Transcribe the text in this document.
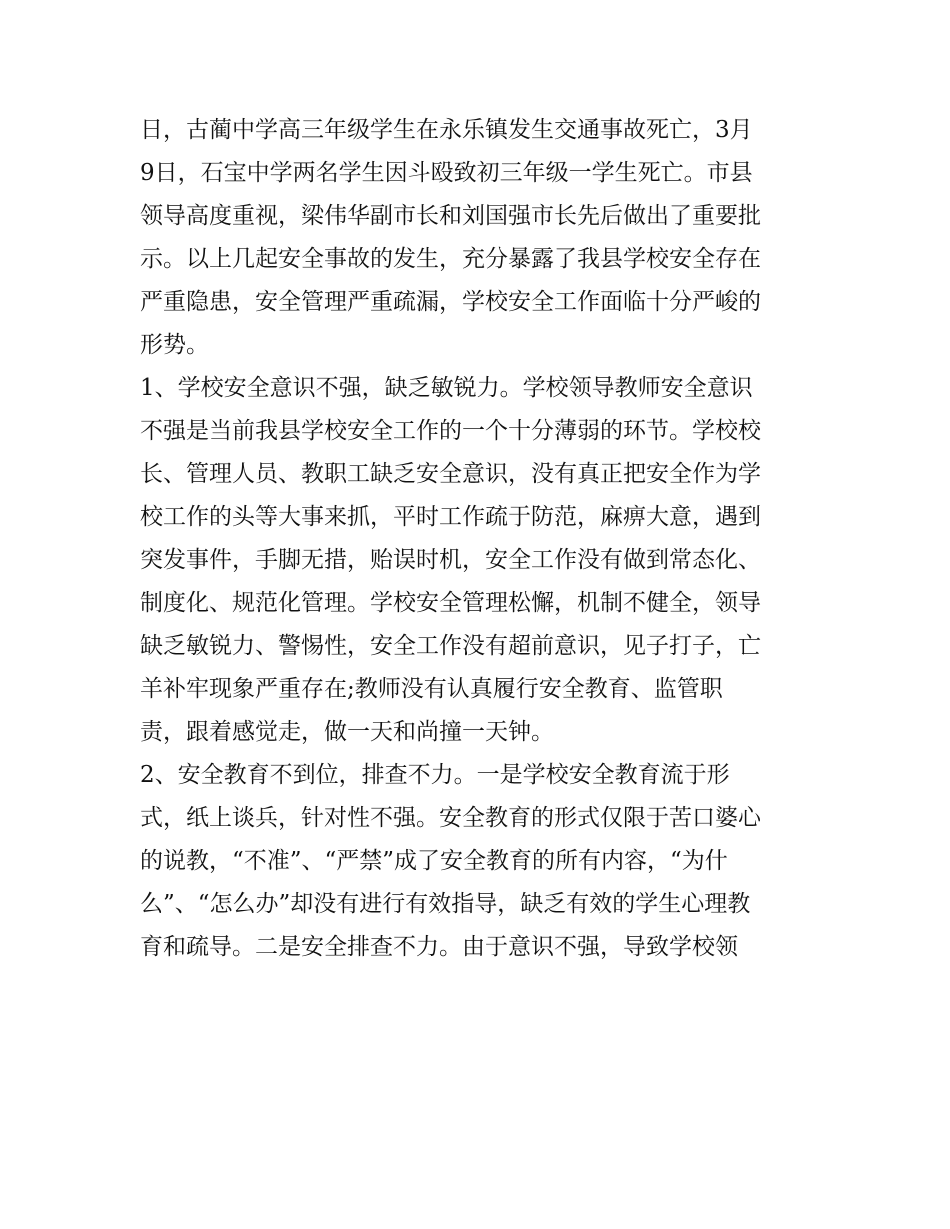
日，古蔺中学高三年级学生在永乐镇发生交通事故死亡，3月
9日，石宝中学两名学生因斗殴致初三年级一学生死亡。市县
领导高度重视，梁伟华副市长和刘国强市长先后做出了重要批
示。以上几起安全事故的发生，充分暴露了我县学校安全存在
严重隐患，安全管理严重疏漏，学校安全工作面临十分严峻的
形势。
1、学校安全意识不强，缺乏敏锐力。学校领导教师安全意识
不强是当前我县学校安全工作的一个十分薄弱的环节。学校校
长、管理人员、教职工缺乏安全意识，没有真正把安全作为学
校工作的头等大事来抓，平时工作疏于防范，麻痹大意，遇到
突发事件，手脚无措，贻误时机，安全工作没有做到常态化、
制度化、规范化管理。学校安全管理松懈，机制不健全，领导
缺乏敏锐力、警惕性，安全工作没有超前意识，见子打子，亡
羊补牢现象严重存在;教师没有认真履行安全教育、监管职
责，跟着感觉走，做一天和尚撞一天钟。
2、安全教育不到位，排查不力。一是学校安全教育流于形
式，纸上谈兵，针对性不强。安全教育的形式仅限于苦口婆心
的说教，“不准”、“严禁”成了安全教育的所有内容，“为什
么”、“怎么办”却没有进行有效指导，缺乏有效的学生心理教
育和疏导。二是安全排查不力。由于意识不强，导致学校领
